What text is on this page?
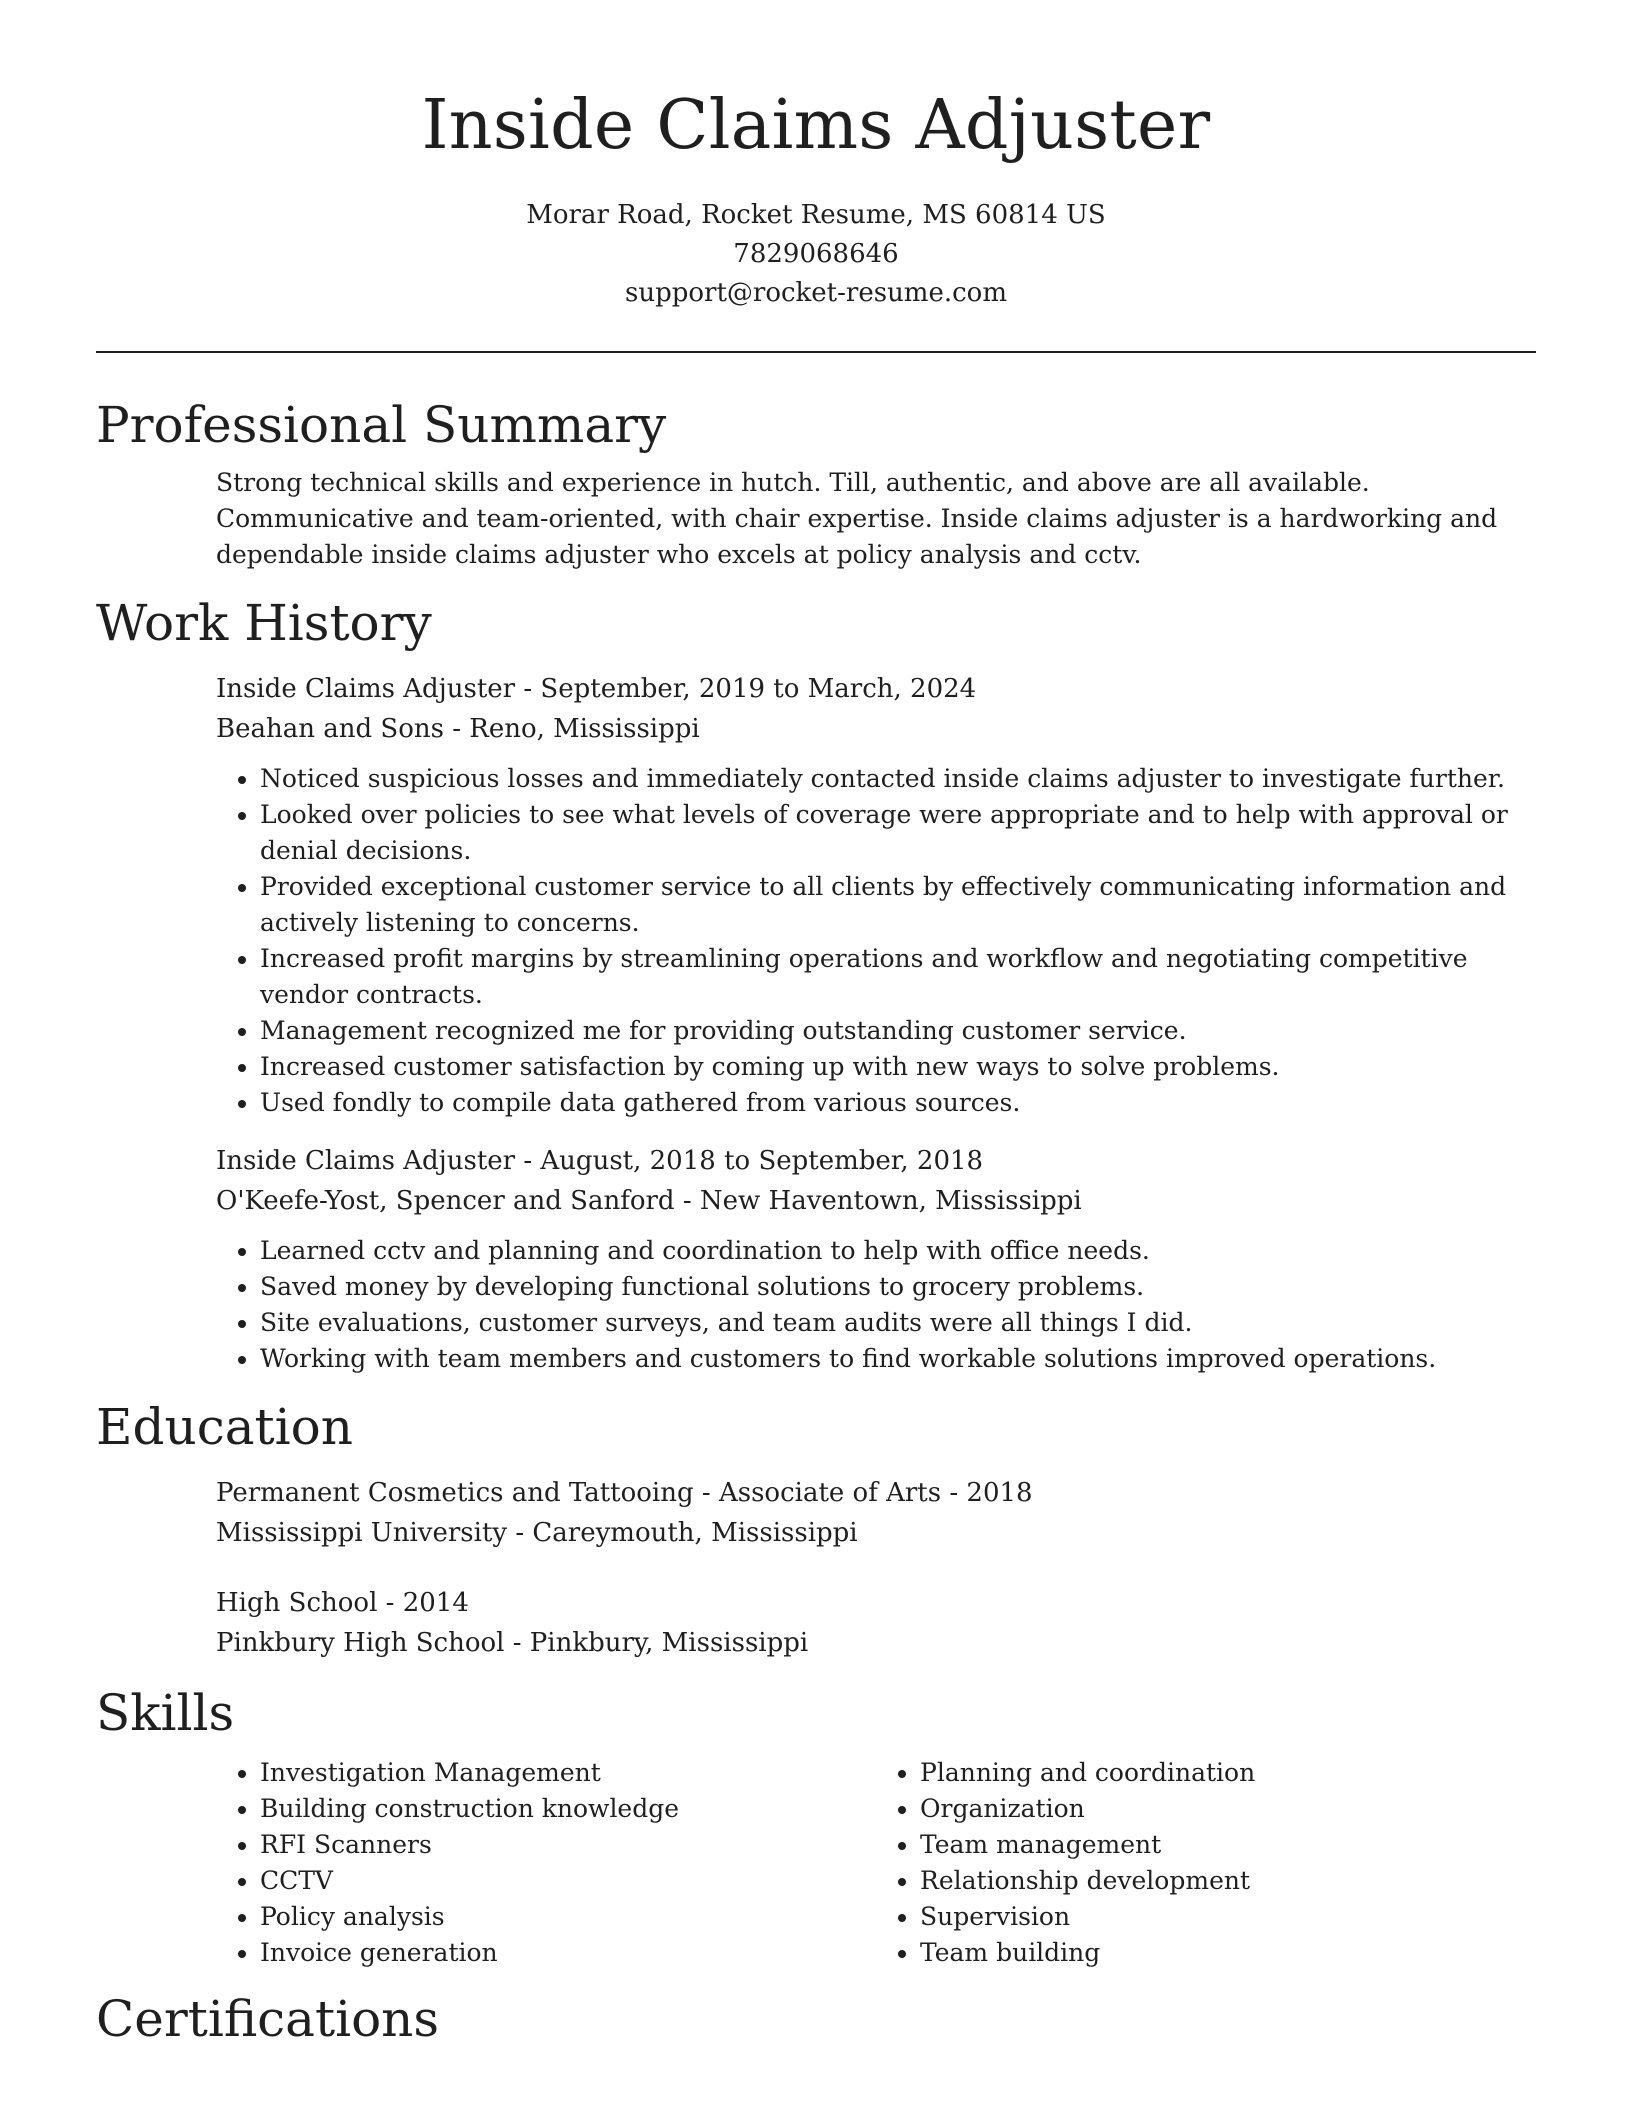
Inside Claims Adjuster
Morar Road, Rocket Resume, MS 60814 US
7829068646
support@rocket-resume.com
Professional Summary
Strong technical skills and experience in hutch. Till, authentic, and above are all available. Communicative and team-oriented, with chair expertise. Inside claims adjuster is a hardworking and dependable inside claims adjuster who excels at policy analysis and cctv.
Work History
Inside Claims Adjuster - September, 2019 to March, 2024
Beahan and Sons - Reno, Mississippi
• Noticed suspicious losses and immediately contacted inside claims adjuster to investigate further.
• Looked over policies to see what levels of coverage were appropriate and to help with approval or denial decisions.
• Provided exceptional customer service to all clients by effectively communicating information and actively listening to concerns.
• Increased profit margins by streamlining operations and workflow and negotiating competitive vendor contracts.
• Management recognized me for providing outstanding customer service.
• Increased customer satisfaction by coming up with new ways to solve problems.
• Used fondly to compile data gathered from various sources.
Inside Claims Adjuster - August, 2018 to September, 2018
O'Keefe-Yost, Spencer and Sanford - New Haventown, Mississippi
• Learned cctv and planning and coordination to help with office needs.
• Saved money by developing functional solutions to grocery problems.
• Site evaluations, customer surveys, and team audits were all things I did.
• Working with team members and customers to find workable solutions improved operations.
Education
Permanent Cosmetics and Tattooing - Associate of Arts - 2018
Mississippi University - Careymouth, Mississippi
High School - 2014
Pinkbury High School - Pinkbury, Mississippi
Skills
• Investigation Management
• Building construction knowledge
• RFI Scanners
• CCTV
• Policy analysis
• Invoice generation
• Planning and coordination
• Organization
• Team management
• Relationship development
• Supervision
• Team building
Certifications
